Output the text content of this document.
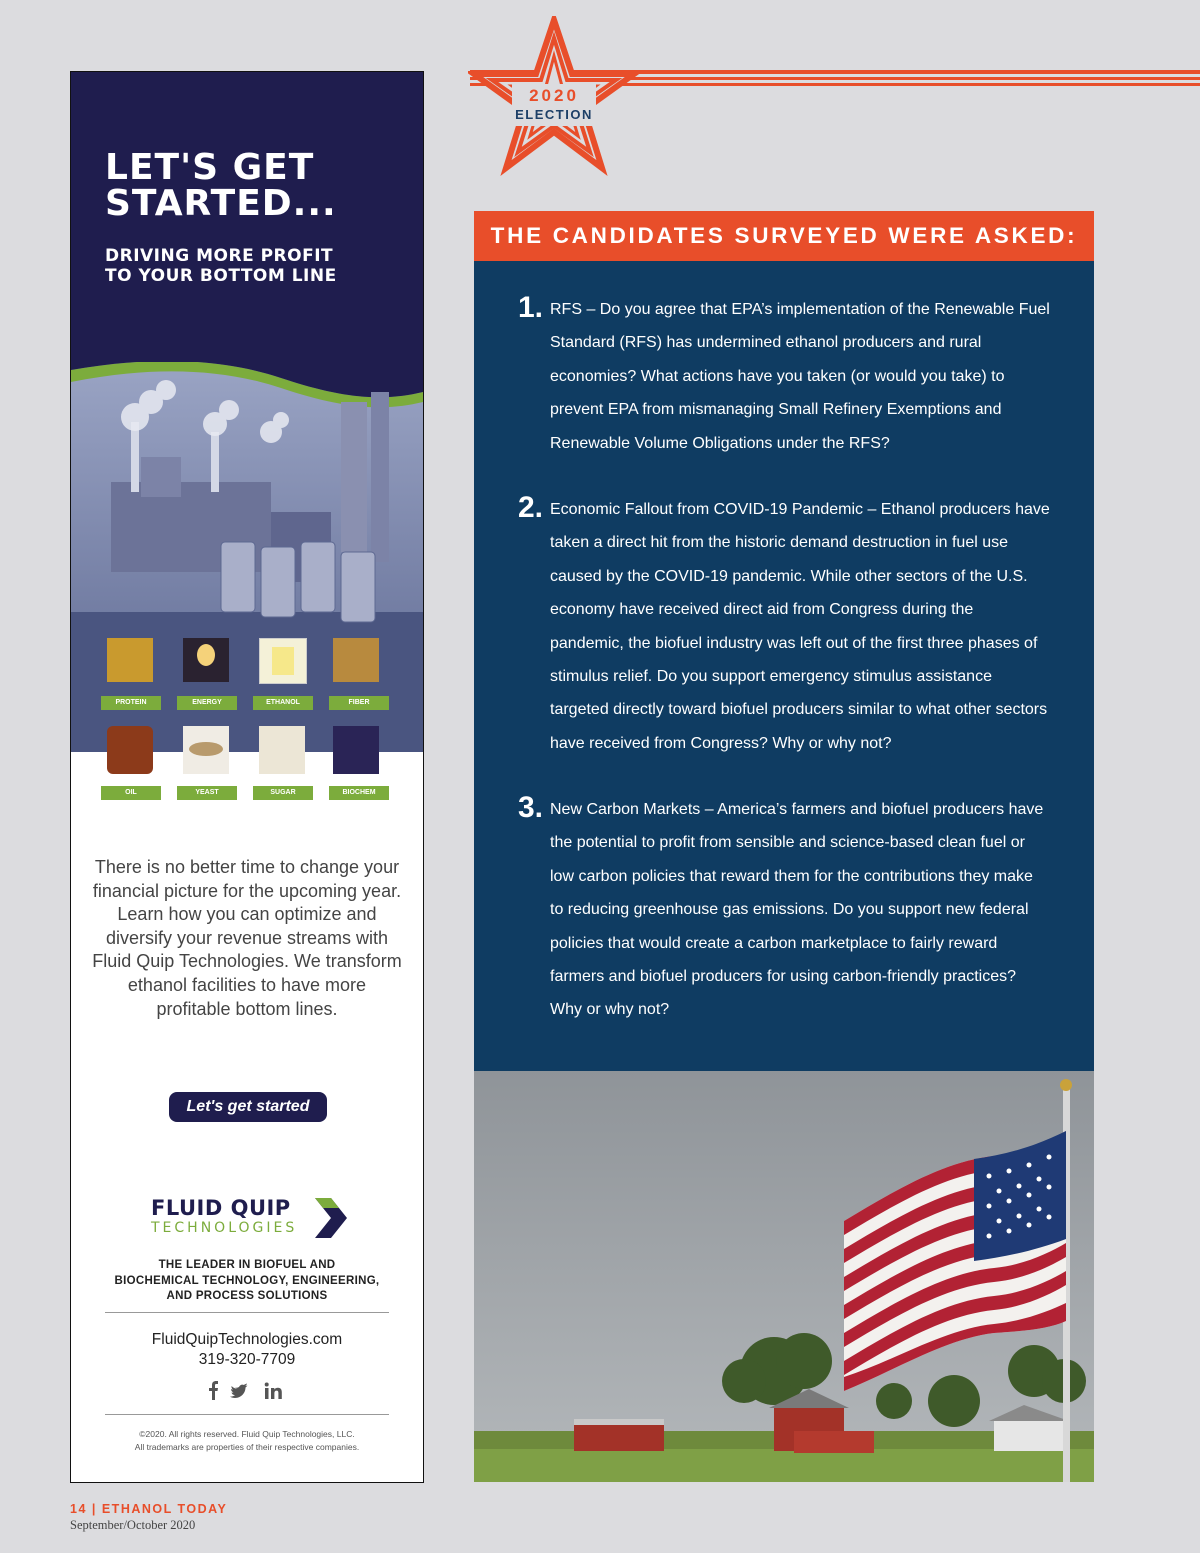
LET'S GET
STARTED...
DRIVING MORE PROFIT
TO YOUR BOTTOM LINE
PROTEIN	ENERGY	ETHANOL	FIBER
OIL	YEAST	SUGAR	BIOCHEM
There is no better time to change your financial picture for the upcoming year. Learn how you can optimize and diversify your revenue streams with Fluid Quip Technologies. We transform ethanol facilities to have more profitable bottom lines.
Let's get started
FLUID QUIP
TECHNOLOGIES
THE LEADER IN BIOFUEL AND
BIOCHEMICAL TECHNOLOGY, ENGINEERING,
AND PROCESS SOLUTIONS
FluidQuipTechnologies.com
319-320-7709
©2020. All rights reserved. Fluid Quip Technologies, LLC.
All trademarks are properties of their respective companies.
2020
ELECTION
THE CANDIDATES SURVEYED WERE ASKED:
1. RFS – Do you agree that EPA’s implementation of the Renewable Fuel Standard (RFS) has undermined ethanol producers and rural economies? What actions have you taken (or would you take) to prevent EPA from mismanaging Small Refinery Exemptions and Renewable Volume Obligations under the RFS?
2. Economic Fallout from COVID-19 Pandemic – Ethanol producers have taken a direct hit from the historic demand destruction in fuel use caused by the COVID-19 pandemic. While other sectors of the U.S. economy have received direct aid from Congress during the pandemic, the biofuel industry was left out of the first three phases of stimulus relief. Do you support emergency stimulus assistance targeted directly toward biofuel producers similar to what other sectors have received from Congress? Why or why not?
3. New Carbon Markets – America’s farmers and biofuel producers have the potential to profit from sensible and science-based clean fuel or low carbon policies that reward them for the contributions they make to reducing greenhouse gas emissions. Do you support new federal policies that would create a carbon marketplace to fairly reward farmers and biofuel producers for using carbon-friendly practices? Why or why not?
14 | ETHANOL TODAY
September/October 2020
